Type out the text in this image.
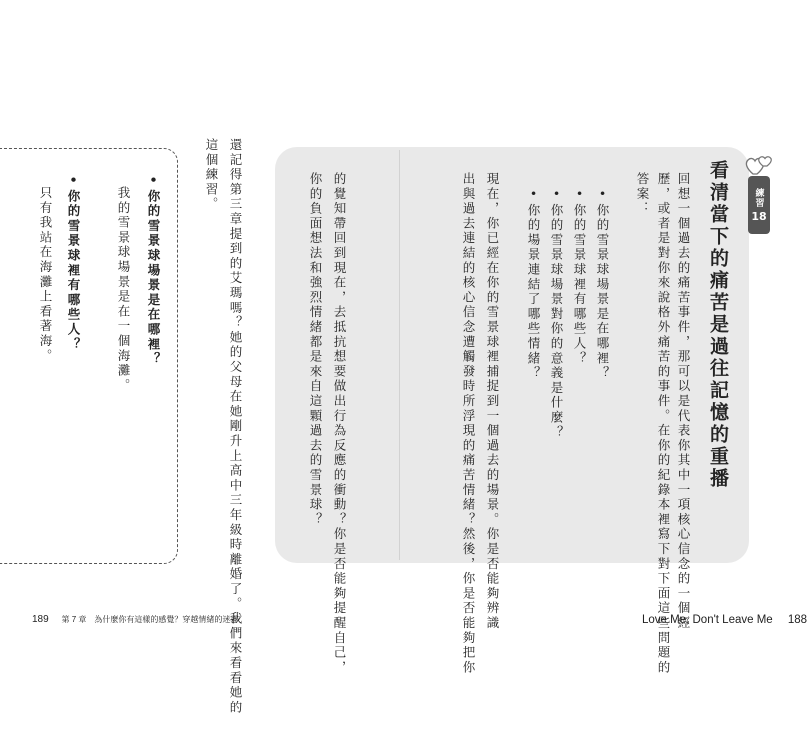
•你的雪景球場景是在哪裡？
我的雪景球場景是在一個海灘。
•你的雪景球裡有哪些人？
只有我站在海灘上看著海。
這個練習。 還記得第三章提到的艾瑪嗎？她的父母在她剛升上高中三年級時離婚了。我們來看看她的	練習
18
看清當下的痛苦是過往記憶的重播
回想一個過去的痛苦事件，那可以是代表你其中一項核心信念的一個經
歷，或者是對你來說格外痛苦的事件。在你的紀錄本裡寫下對下面這些問題的
答案：
•你的雪景球場景是在哪裡？
•你的雪景球裡有哪些人？
•你的雪景球場景對你的意義是什麼？
•你的場景連結了哪些情緒？
現在，你已經在你的雪景球裡捕捉到一個過去的場景。你是否能夠辨識
出與過去連結的核心信念遭觸發時所浮現的痛苦情緒？然後，你是否能夠把你
的覺知帶回到現在，去抵抗想要做出行為反應的衝動？你是否能夠提醒自己，
你的負面想法和強烈情緒都是來自這顆過去的雪景球？
189 第 7 章　為什麼你有這樣的感覺？穿越情緒的迷霧	Love Me, Don't Leave Me 188
